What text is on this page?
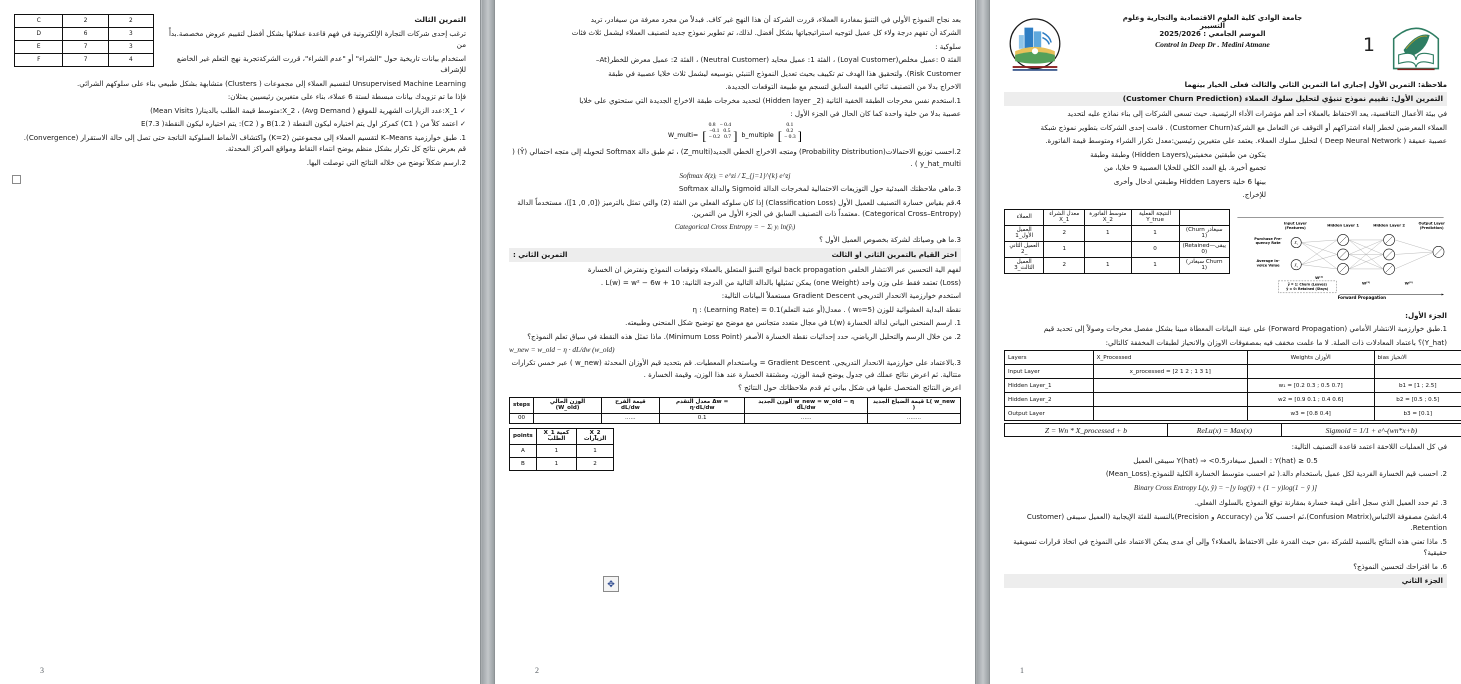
C	2	2
D	6	3
E	7	3
F	7	4

التمرين الثالث

ترغب إحدى شركات التجارة الإلكترونية في فهم قاعدة عملائها بشكل أفضل لتقييم عروض مخصصة.بدأً من

استخدام بيانات تاريخية حول "الشراء" أو "عدم الشراء"، قررت الشركةتجربة نهج التعلم غير الخاضع للإشراف

Unsupervised Machine Learning لتقسيم العملاء إلى مجموعات ( Clusters) متشابهة بشكل طبيعي بناء على سلوكهم الشرائي.

فإذا ما تم تزويدك بيانات مبسطة لستة 6 عملاء، بناء على متغيرين رئيسيين يمثلان:

✓ X_1:عدد الزيارات الشهرية للموقع ( Avg Demand) ، X_2:متوسط قيمة الطلب بالدينار( Mean Visits)

✓ اعتمد كلاً من ( C1) كمركز اول يتم اختياره ليكون النقطة ( B(1.2 و ( C2): يتم اختياره ليكون النقطة( E(7.3

1. طبق خوارزمية K–Means لتقسيم العملاء إلى مجموعتين (K=2) واكتشاف الأنماط السلوكية الناتجة حتى تصل إلى حالة الاستقرار (Convergence). قم بعرض نتائج كل تكرار بشكل منظم يوضح انتماء النقاط ومواقع المراكز المحدثة.

2.ارسم شكلاً توضح من خلاله النتائج التي توصلت اليها.

3

بعد نجاح النموذج الأولي في التنبؤ بمغادرة العملاء، قررت الشركة أن هذا النهج غير كاف. فبدلاً من مجرد معرفة من سيغادر، تريد

الشركة أن تفهم درجة ولاء كل عميل لتوجيه استراتيجياتها بشكل أفضل. لذلك، تم تطوير نموذج جديد لتصنيف العملاء ليشمل ثلاث فئات

سلوكية :

الفئة 0 :عميل مخلص(Loyal Customer) ، الفئة 1: عميل محايد (Neutral Customer) ، الفئة 2: عميل معرض للخطر(At–

Risk Customer). ولتحقيق هذا الهدف تم تكييف بحيث تعديل النموذج التنبئي بتوسيعه ليشمل ثلاث خلايا عصبية في طبقة

الاخراج بدلا من التصنيف ثنائي القيمة السابق لتسجم مع طبيعة التوقعات الجديدة.

1.استخدم نفس مخرجات الطبقة الخفية الثانية (Hidden layer _2) لتحديد مخرجات طبقة الاخراج الجديدة التي ستحتوي على خلايا

عصبية بدلا من خلية واحدة كما كان الحال في الجزء الأول :

W_multi= [0.8 − 0.4
−0.1 0.5
− 0.2 0.7 ] b_multiple [0.1
0.2
− 0.3 ]

2.احسب توزيع الاحتمالات(Probability Distribution) ومتجه الاخراج الخطي الجديد(Z_multi) ، ثم طبق دالة Softmax لتحويله إلى متجه احتمالي (Ŷ) ( y_hat_multi ) .

Softmax δ(z)ᵢ = e^zi / Σ_{j=1}^{k} e^zj

3.ماهي ملاحظتك المبدئية حول التوزيعات الاحتمالية لمخرجات الدالة Sigmoid والدالة Softmax

4.قم بقياس خسارة التصنيف للعميل الأول (Classification Loss) إذا كان سلوكه الفعلي من الفئة (2) والتي تمثل بالترميز ([0, 0, 1])، مستخدماً الدالة (Categorical Cross–Entropy) .معتمداً ذات التصنيف السابق في الجزء الأول من التمرين.

Categorical Cross Entropy = − Σᵢ yᵢ ln(ŷᵢ)

3.ما هي وصياتك لشركة بخصوص العميل الأول ؟

اختر القيام بالتمرين الثاني او الثالث
التمرين الثاني :

لفهم الية التحسين عبر الانتشار الخلفي back propagation لنواتج التنبؤ المتعلق بالعملاء وتوقعات النموذج ونفترض ان الخسارة

(Loss) تعتمد فقط على وزن واحد (one Weight) يمكن تمثيلها بالدالة التالية من الدرجة الثانية: L(w) = w² − 6w + 10 .

استخدم خوارزمية الانحدار التدريجي Gradient Descent مستعملاً البيانات التالية:

نقطة البداية العشوائية للوزن (w₀=5 ) . معدل(أو عتبة التعلم)0.1 = η : (Learning Rate)

1. ارسم المنحنى البياني لدالة الخسارة L(w) في مجال متعدد متجانس مع موضح مع توضيح شكل المنحنى وطبيعته.

2. من خلال الرسم والتحليل الرياضي، حدد إحداثيات نقطة الخسارة الأصغر (Minimum Loss Point). ماذا تمثل هذه النقطة في سياق تعلم النموذج؟

w_new = w_old − η · dL/dw (w_old)

3.بالاعتماد على خوارزمية الانحدار التدريجي. Gradient Descent = وباستخدام المعطيات. قم بتحديد قيم الأوزان المحدثة (w_new ) عبر خمس تكرارات متتالية. ثم اعرض نتائج عملك في جدول يوضح قيمة الوزن، ومشتقة الخسارة عند هذا الوزن، وقيمة الخسارة .

اعرض النتائج المتحصل عليها في شكل بياني ثم قدم ملاحظاتك حول النتائج ؟

steps	الوزن الحالي (W_old)	قيمة الفرح dL/dw	معدل التقدم Δw = η·dL/dw	الوزن الجديد w_new = w_old − η dL/dw	قيمة الضياع الجديد L( w_new )
00		......	0.1	......	........
points	X_1 كمية الطلب	X_2 الزيارات
A	1	1
B	1	2
✥
2
جامعة الوادي كلية العلوم الاقتصادية والتجارية وعلوم
التسيير
الموسم الجامعي : 2025/2026
Control in Deep Dr . Medini Atmane	1

ملاحظة: التمرين الأول إجباري اما التمرين الثاني والثالث فعلى الخيار بينهما

التمرين الأول: تقييم نموذج تنبؤي لتحليل سلوك العملاء (Customer Churn Prediction)

في بيئة الأعمال التنافسية، يعد الاحتفاظ بالعملاء أحد أهم مؤشرات الأداء الرئيسية. حيث تسعى الشركات إلى بناء نماذج عليه لتحديد

العملاء المعرضين لخطر إلغاء اشتراكهم أو التوقف عن التعامل مع الشركة(Customer Churn) . قامت إحدى الشركات بتطوير نموذج شبكة

عصبية عميقة ( Deep Neural Network ) لتحليل سلوك العملاء. يعتمد على متغيرين رئيسين:معدل تكرار الشراء ومتوسط قيمة الفاتورة.

يتكون من طبقتين مخفيتين(Hidden Layers) وطبقة وطبقة

تجميع أخيرة. بلغ العدد الكلي للخلايا العصبية 9 خلايا، من

بينها 6 خلية Hidden Layers وطبقتي ادخال وأخرى

للإخراج.

العملاء	معدل الشراء X_1	متوسط الفاتورة X_2	النتيجة الفعلية Y_true	
العميل الأول_1	2	1	1	(Churn سيغادر 1)
العميل الثاني _2	1		0	(Retained—يبقى 0)
العميل الثالث_3	2	1	1	(سيغادر Churn 1)
Input Layer
(Features)
Hidden Layer 1	Hidden Layer 2	Output Layer
(Prediction)
Purchase Fre-
quency Rate
Average In-
voice Value
X₁
X₂
W⁽¹⁾
W⁽²⁾	W⁽³⁾
ŷ = 1: Churn (Leaves)
ŷ = 0: Retained (Stays)
Forward Propagation

الجزء الأول:

1.طبق خوارزمية الانتشار الأمامي (Forward Propagation) على عينة البيانات المعطاة مبينا بشكل مفصل مخرجات وصولاً إلى تحديد قيم

(Y_hat)؟ باعتماد المعادلات ذات الصلة. لا ما علمت مخفف فيه بمصفوفات الاوزان والانحياز لطبقات المخففة كالتالي:

Layers	X_Processed	Weights الأوزان	bias الانحياز
Input Layer	x_processed = [2 1 2 ; 1 3 1]		
Hidden Layer_1		w₁ = [0.2 0.3 ; 0.5 0.7]	b1 = [1 ; 2.5]
Hidden Layer_2		w2 = [0.9 0.1 ; 0.4 0.6]	b2 = [0.5 ; 0.5]
Output Layer		w3 = [0.8 0.4]	b3 = [0.1]
Z = Wn * X_processed + b	ReLu(x) = Max(x)	Sigmoid = 1/1 + e^-(wn*x+b)

في كل العمليات اللاحقة اعتمد قاعدة التصنيف التالية:

0.5 ≤ Y(hat) : العميل سيغادر0.5> ⇒ Y(hat) سيبقى العميل

2. احسب قيم الخسارة الفردية لكل عميل باستخدام دالة.( ثم احسب متوسط الخسارة الكلية للنموذج.(Mean_Loss)

Binary Cross Entropy L(y, ŷ) = −[y log(ŷ) + (1 − y)log(1 − ŷ )]

3. ثم حدد العميل الذي سجل أعلى قيمة خسارة بمقارنة توقع النموذج بالسلوك الفعلي.

4.انشئ مصفوفة الالتباس(Confusion Matrix)،ثم احسب كلاً من (Accuracy و Precision)بالنسبة للفئة الإيجابية (العميل سيبقى (Customer Retention.

5. ماذا تعني هذه النتائج بالنسبة للشركة ،من حيث القدرة على الاحتفاظ بالعملاء؟ وإلى أي مدى يمكن الاعتماد على النموذج في اتخاذ قرارات تسويقية حقيقية؟

6. ما اقتراحك لتحسين النموذج؟

الجزء الثاني

1
